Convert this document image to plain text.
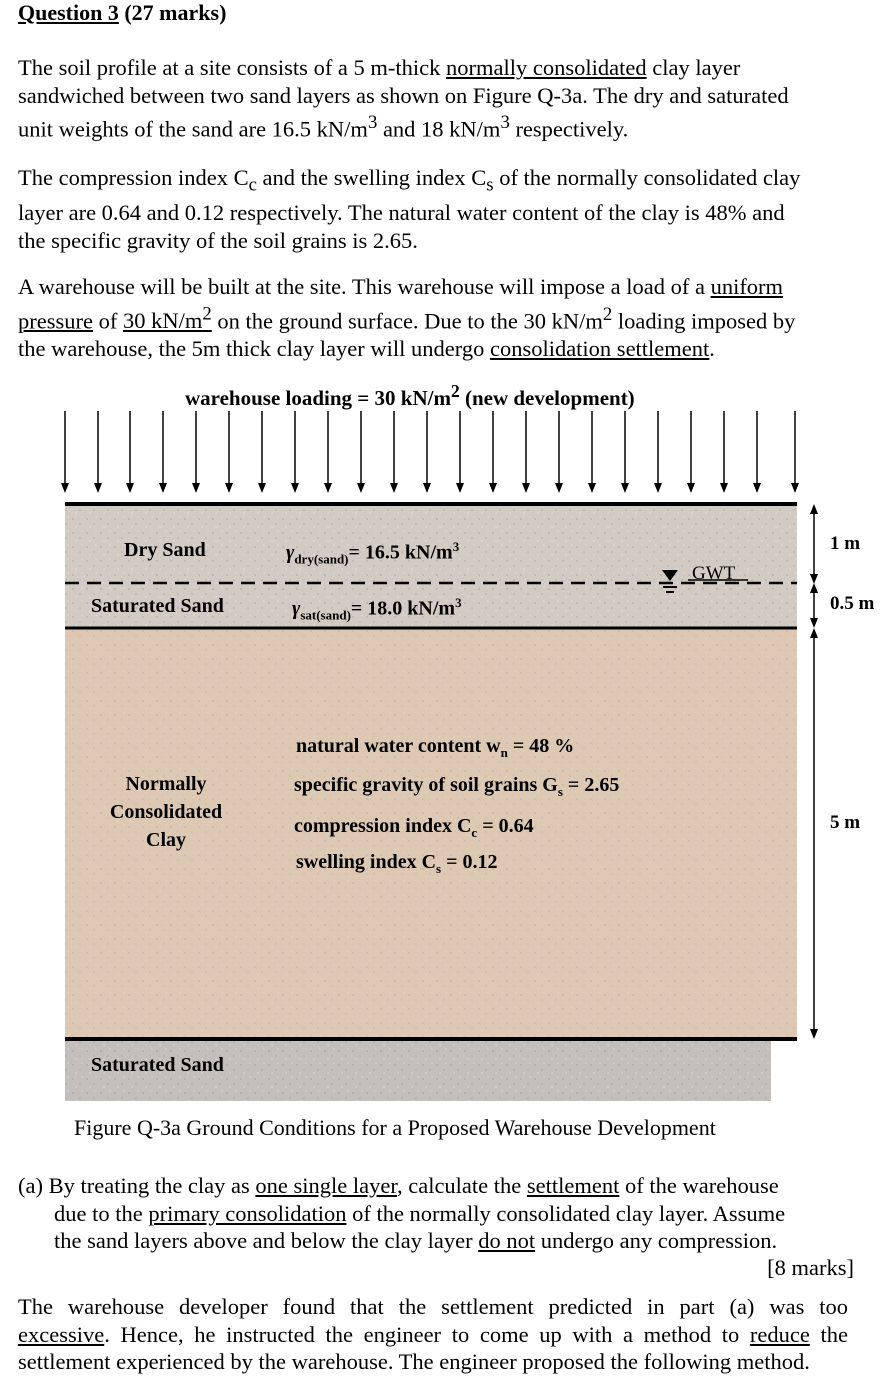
Question 3 (27 marks)
The soil profile at a site consists of a 5 m-thick normally consolidated clay layer
sandwiched between two sand layers as shown on Figure Q-3a. The dry and saturated
unit weights of the sand are 16.5 $kN/m^3$ and 18 $kN/m^3$ respectively.
The compression index $C_c$ and the swelling index $C_s$ of the normally consolidated clay
layer are 0.64 and 0.12 respectively. The natural water content of the clay is 48% and
the specific gravity of the soil grains is 2.65.
A warehouse will be built at the site. This warehouse will impose a load of a uniform
pressure of 30 $kN/m^2$ on the ground surface. Due to the 30 $kN/m^2$ loading imposed by
the warehouse, the 5m thick clay layer will undergo consolidation settlement.
warehouse loading = 30 $kN/m^2$ (new development)
Dry Sand	$\gamma_{dry(sand)}= 16.5$ $kN/m^3$
GWT
Saturated Sand	$\gamma_{sat(sand)}= 18.0$ $kN/m^3$
Normally
Consolidated
Clay
natural water content $w_n = 48$ %
specific gravity of soil grains $G_s = 2.65$
compression index $C_c = 0.64$
swelling index $C_s = 0.12$
Saturated Sand
1 m
0.5 m
5 m
Figure Q-3a Ground Conditions for a Proposed Warehouse Development
(a) By treating the clay as one single layer, calculate the settlement of the warehouse
due to the primary consolidation of the normally consolidated clay layer. Assume
the sand layers above and below the clay layer do not undergo any compression.
[8 marks]
The warehouse developer found that the settlement predicted in part (a) was too
excessive. Hence, he instructed the engineer to come up with a method to reduce the
settlement experienced by the warehouse. The engineer proposed the following method.
